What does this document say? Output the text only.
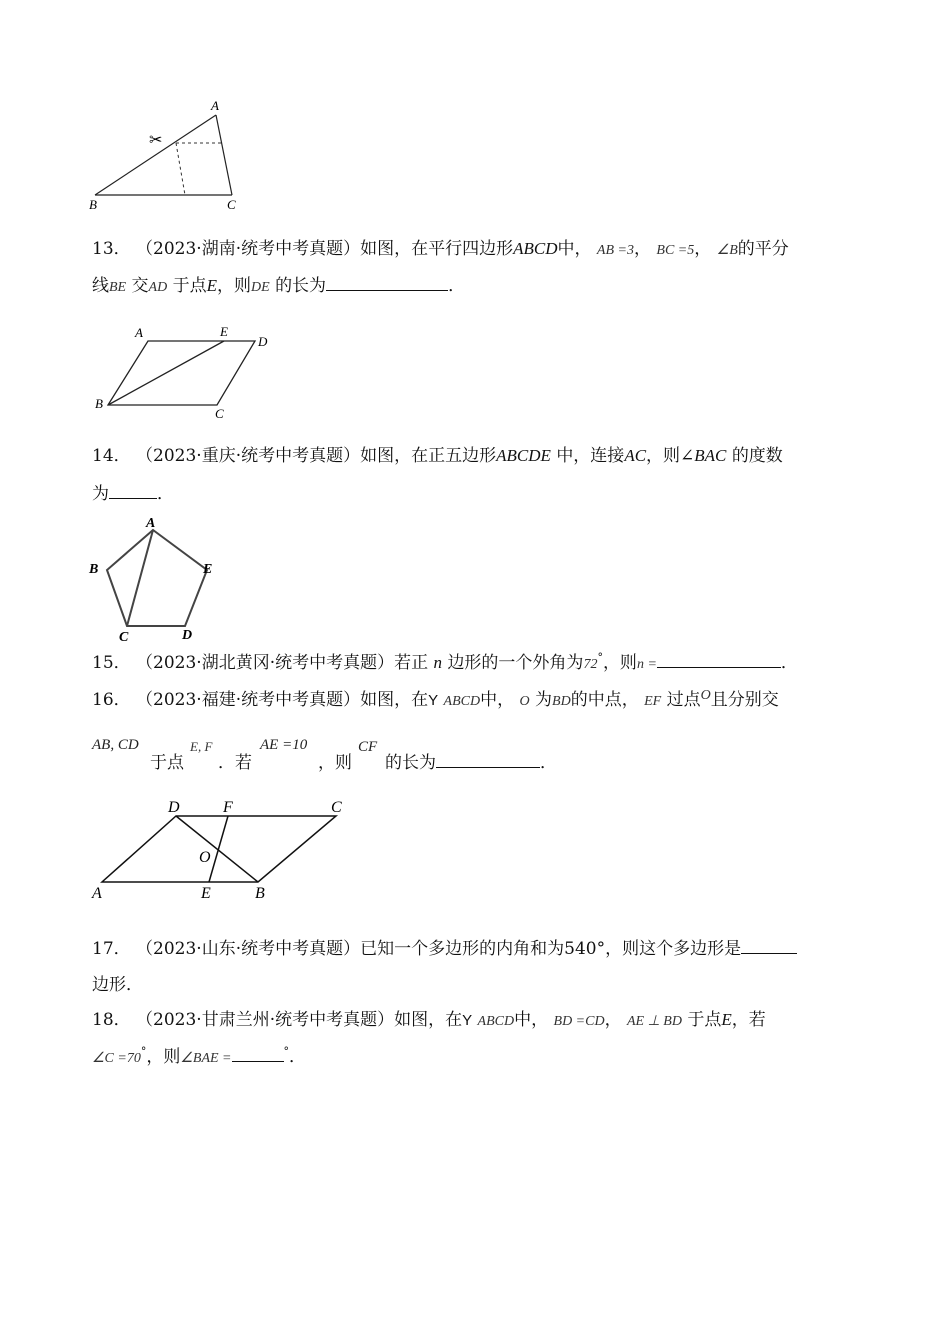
A
B	C
✂
13． （2023·湖南·统考中考真题）如图，在平行四边形ABCD中， AB =3， BC =5， ∠B的平分
线BE 交AD 于点E，则DE 的长为	．
A	E
D
B
C
14． （2023·重庆·统考中考真题）如图，在正五边形ABCDE 中，连接AC，则∠BAC 的度数
为	．
A
B	E
C	D
15． （2023·湖北黄冈·统考中考真题）若正 n 边形的一个外角为72°，则n =	．
16． （2023·福建·统考中考真题）如图，在Y ABCD中， O 为BD的中点， EF 过点$^O$且分别交
AB, CD	E, F	AE =10	CF
于点 ．若	，则 的长为	．
D	F	C
O
A	E	B
17． （2023·山东·统考中考真题）已知一个多边形的内角和为540°，则这个多边形是
边形．
18． （2023·甘肃兰州·统考中考真题）如图，在Y ABCD中， BD =CD， AE ⊥ BD 于点E，若
∠C =70°，则∠BAE =	°．
